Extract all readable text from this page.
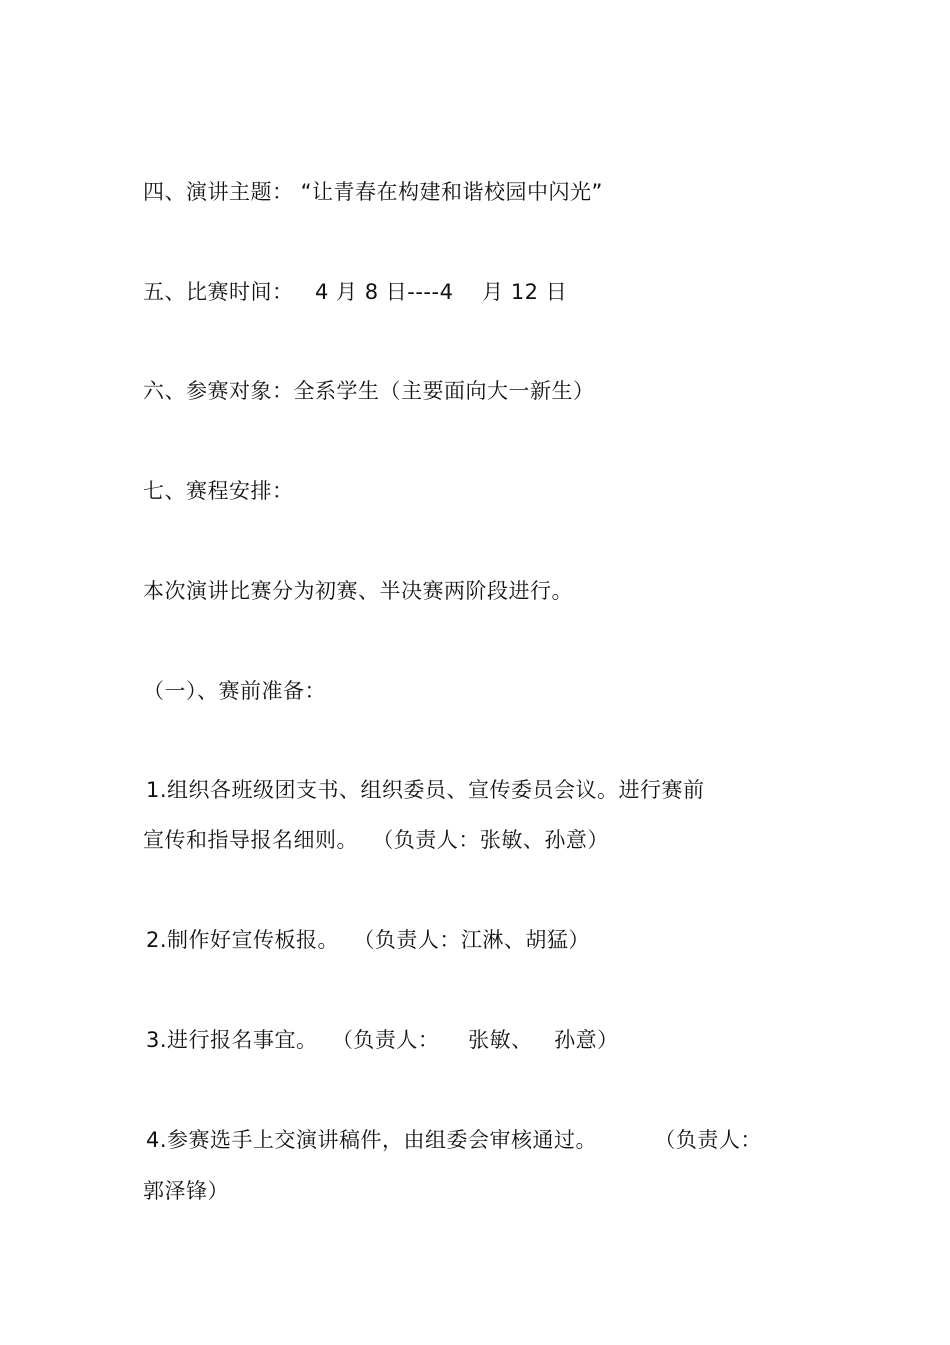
四、演讲主题： “让青春在构建和谐校园中闪光”
五、比赛时间：   4 月 8 日----4    月 12 日
六、参赛对象：全系学生（主要面向大一新生）
七、赛程安排：
本次演讲比赛分为初赛、半决赛两阶段进行。
（一）、赛前准备：
1.组织各班级团支书、组织委员、宣传委员会议。进行赛前
宣传和指导报名细则。  （负责人：张敏、孙意）
2.制作好宣传板报。  （负责人：江淋、胡猛）
3.进行报名事宜。  （负责人：    张敏、   孙意）
4.参赛选手上交演讲稿件，由组委会审核通过。        （负责人：
郭泽锋）
